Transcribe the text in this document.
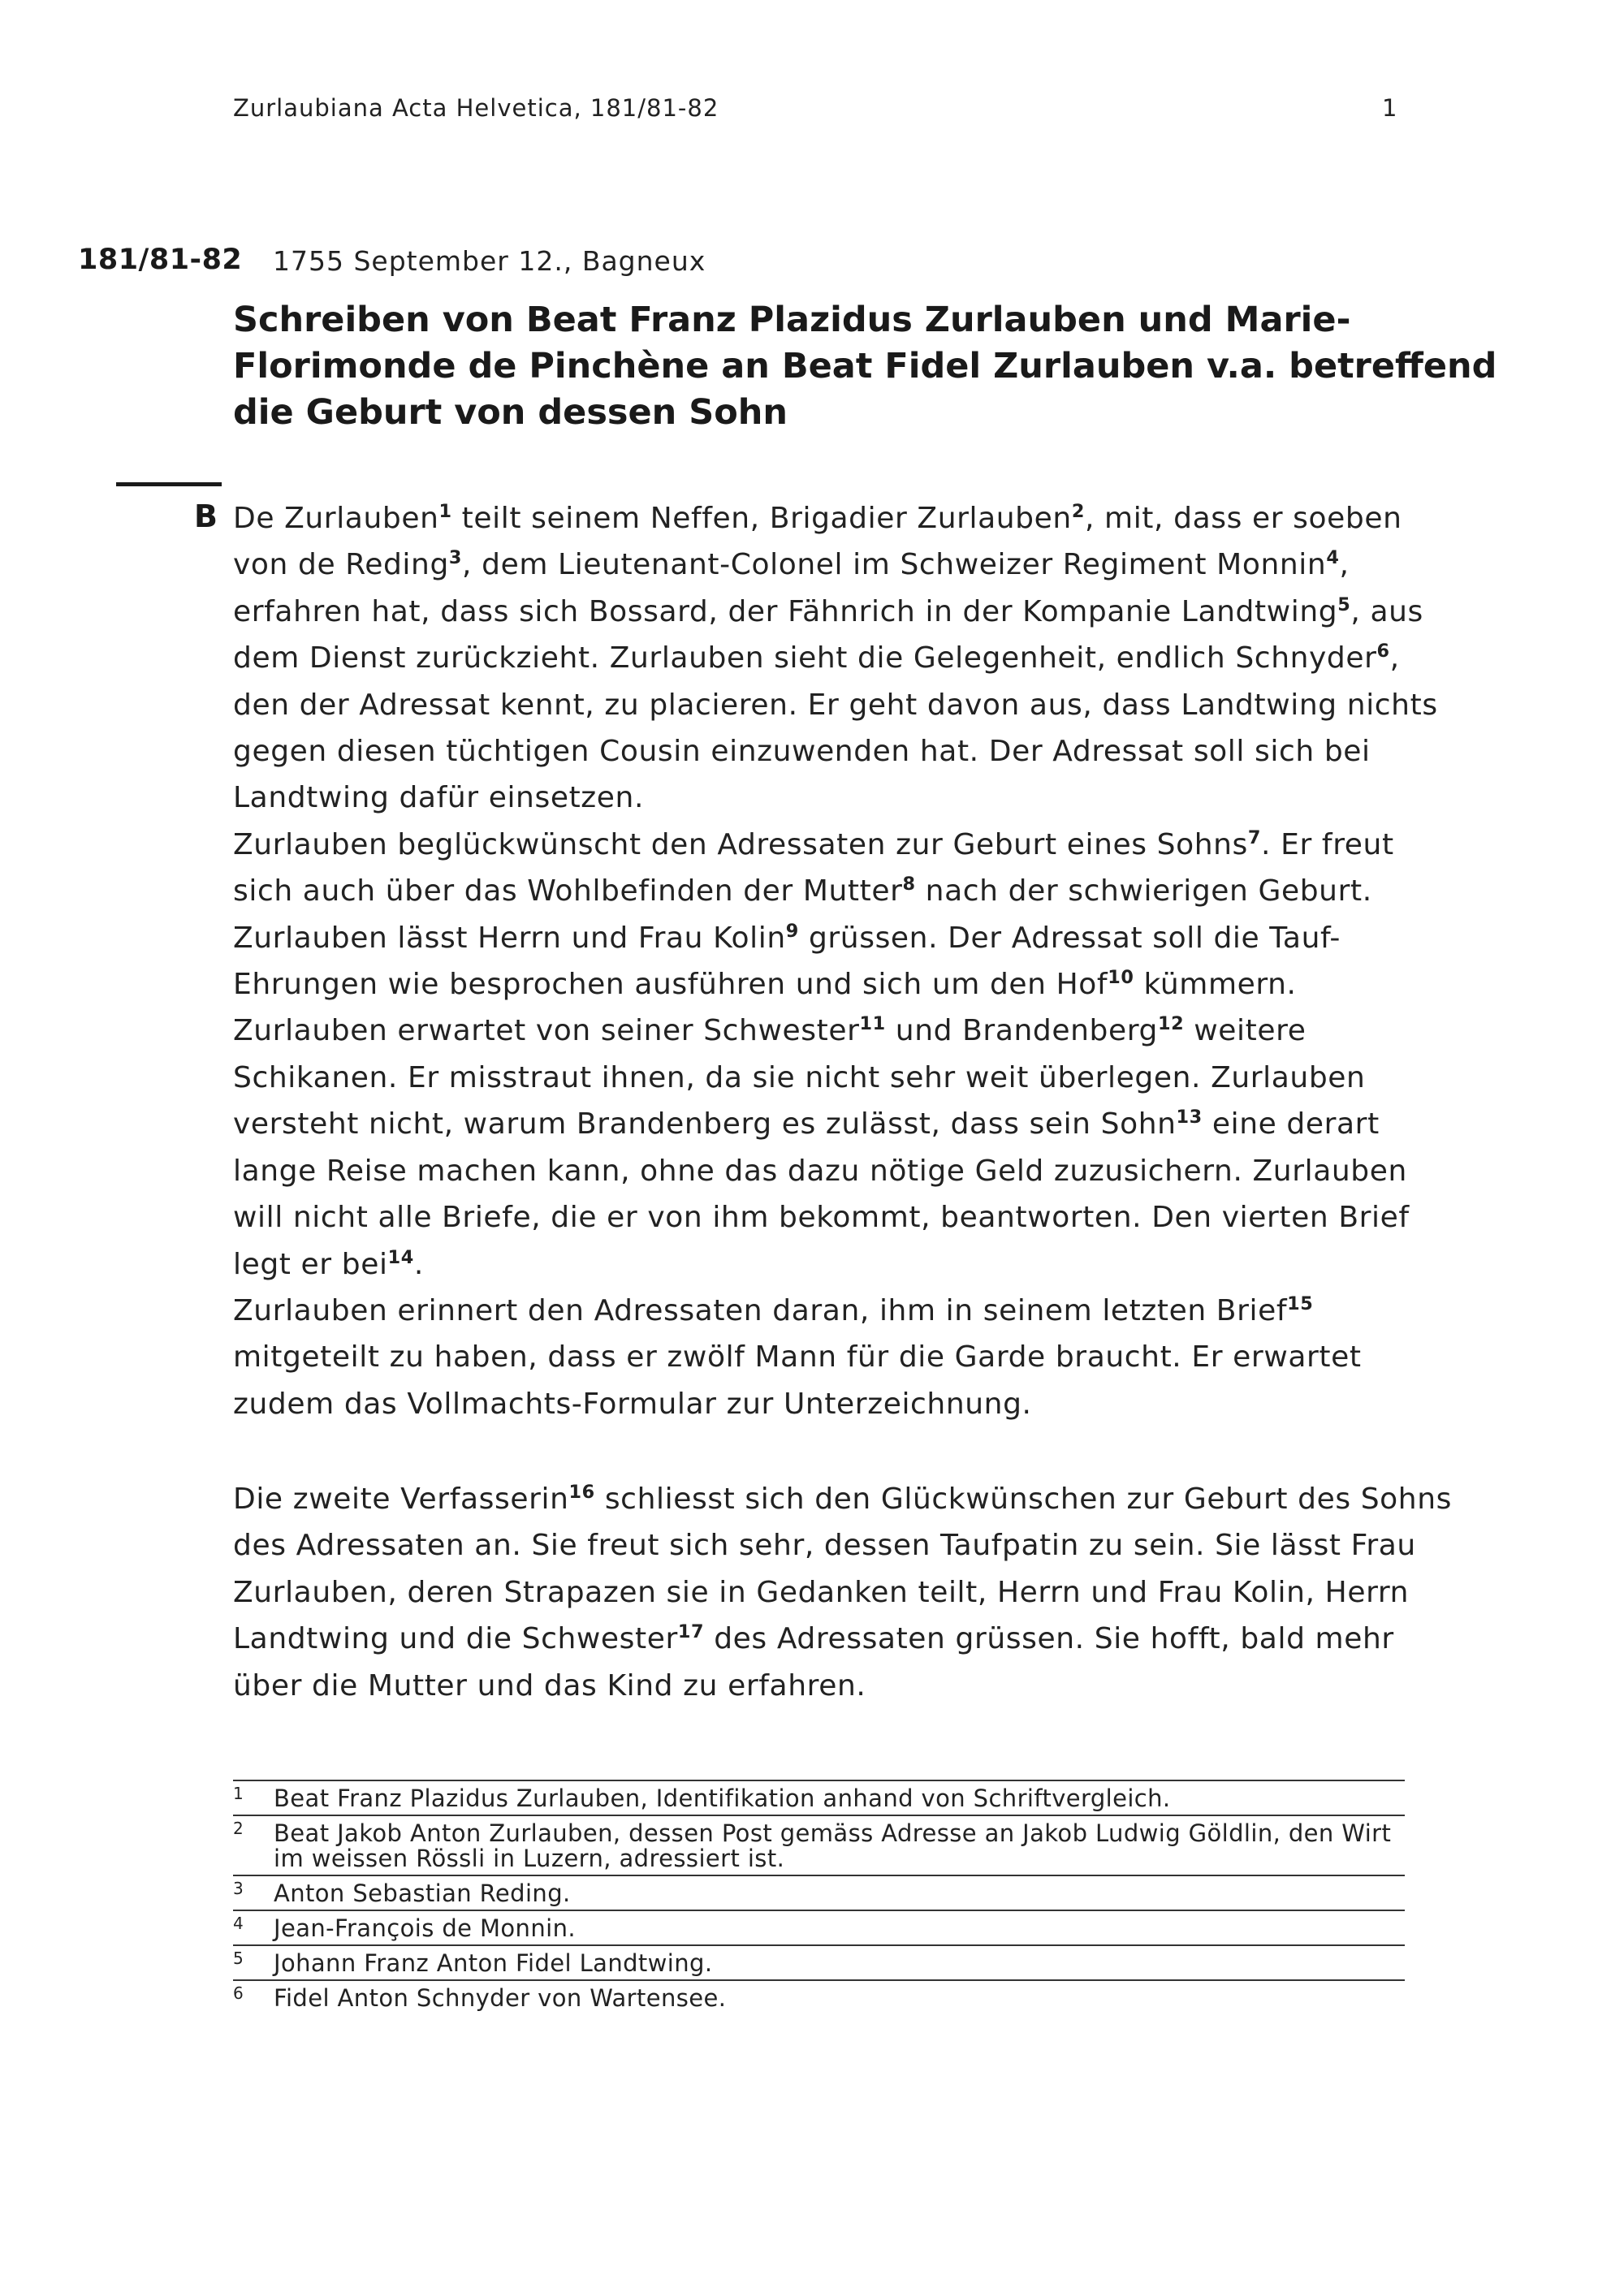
Zurlaubiana Acta Helvetica, 181/81-82	1
181/81-82 1755 September 12., Bagneux
Schreiben von Beat Franz Plazidus Zurlauben und Marie-
Florimonde de Pinchène an Beat Fidel Zurlauben v.a. betreffend
die Geburt von dessen Sohn
B De Zurlauben$^1$ teilt seinem Neffen, Brigadier Zurlauben$^2$, mit, dass er soeben
von de Reding$^3$, dem Lieutenant-Colonel im Schweizer Regiment Monnin$^4$,
erfahren hat, dass sich Bossard, der Fähnrich in der Kompanie Landtwing$^5$, aus
dem Dienst zurückzieht. Zurlauben sieht die Gelegenheit, endlich Schnyder$^6$,
den der Adressat kennt, zu placieren. Er geht davon aus, dass Landtwing nichts
gegen diesen tüchtigen Cousin einzuwenden hat. Der Adressat soll sich bei
Landtwing dafür einsetzen.
Zurlauben beglückwünscht den Adressaten zur Geburt eines Sohns$^7$. Er freut
sich auch über das Wohlbefinden der Mutter$^8$ nach der schwierigen Geburt.
Zurlauben lässt Herrn und Frau Kolin$^9$ grüssen. Der Adressat soll die Tauf-
Ehrungen wie besprochen ausführen und sich um den Hof$^{10}$ kümmern.
Zurlauben erwartet von seiner Schwester$^{11}$ und Brandenberg$^{12}$ weitere
Schikanen. Er misstraut ihnen, da sie nicht sehr weit überlegen. Zurlauben
versteht nicht, warum Brandenberg es zulässt, dass sein Sohn$^{13}$ eine derart
lange Reise machen kann, ohne das dazu nötige Geld zuzusichern. Zurlauben
will nicht alle Briefe, die er von ihm bekommt, beantworten. Den vierten Brief
legt er bei$^{14}$.
Zurlauben erinnert den Adressaten daran, ihm in seinem letzten Brief$^{15}$
mitgeteilt zu haben, dass er zwölf Mann für die Garde braucht. Er erwartet
zudem das Vollmachts-Formular zur Unterzeichnung.
Die zweite Verfasserin$^{16}$ schliesst sich den Glückwünschen zur Geburt des Sohns
des Adressaten an. Sie freut sich sehr, dessen Taufpatin zu sein. Sie lässt Frau
Zurlauben, deren Strapazen sie in Gedanken teilt, Herrn und Frau Kolin, Herrn
Landtwing und die Schwester$^{17}$ des Adressaten grüssen. Sie hofft, bald mehr
über die Mutter und das Kind zu erfahren.
1 Beat Franz Plazidus Zurlauben, Identifikation anhand von Schriftvergleich.
2 Beat Jakob Anton Zurlauben, dessen Post gemäss Adresse an Jakob Ludwig Göldlin, den Wirt im weissen Rössli in Luzern, adressiert ist.
3 Anton Sebastian Reding.
4 Jean-François de Monnin.
5 Johann Franz Anton Fidel Landtwing.
6 Fidel Anton Schnyder von Wartensee.
